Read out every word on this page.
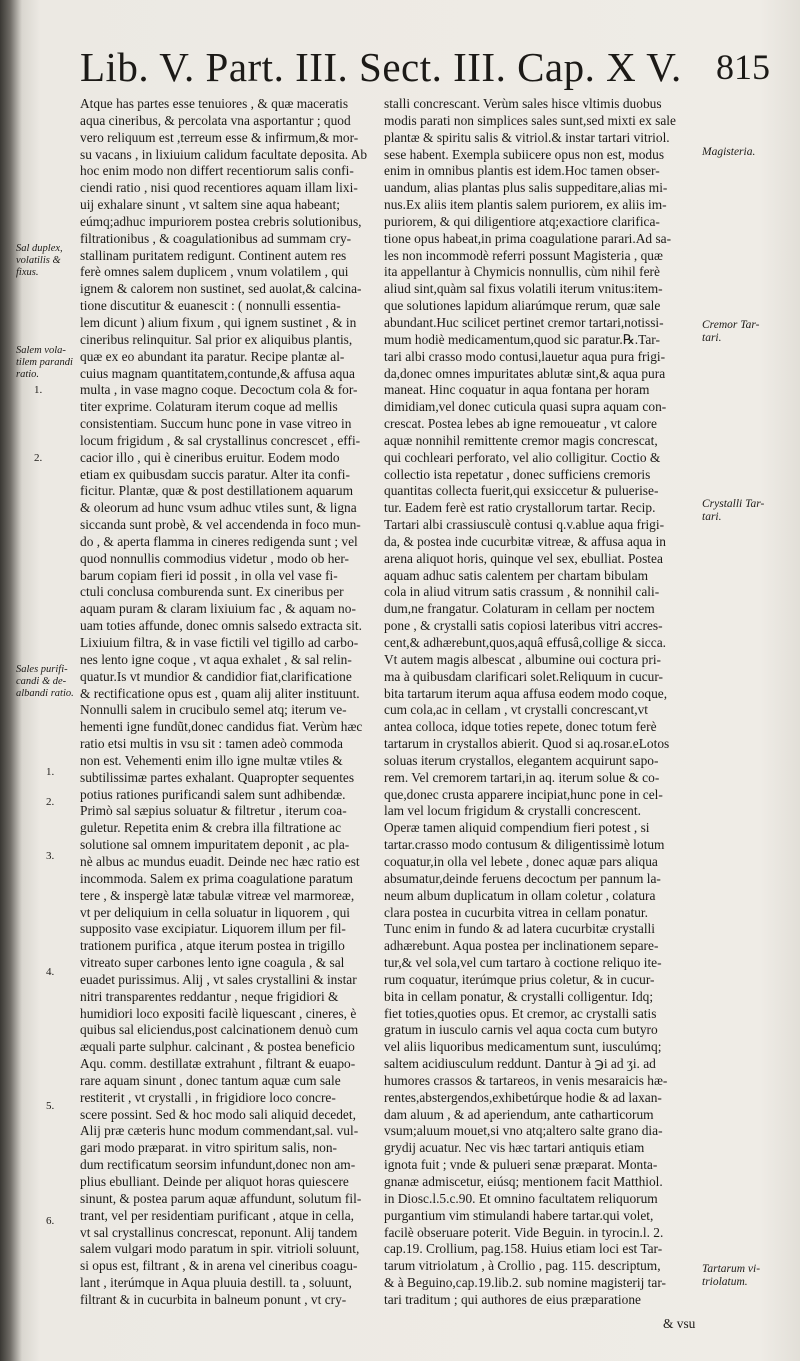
Lib. V. Part. III. Sect. III. Cap. X V. 815
Atque has partes esse tenuiores , & quæ maceratis
aqua cineribus, & percolata vna asportantur ; quod
vero reliquum est ,terreum esse & infirmum,& mor-
su vacans , in lixiuium calidum facultate deposita. Ab
hoc enim modo non differt recentiorum salis confi-
ciendi ratio , nisi quod recentiores aquam illam lixi-
uij exhalare sinunt , vt saltem sine aqua habeant;
eúmq;adhuc impuriorem postea crebris solutionibus,
filtrationibus , & coagulationibus ad summam cry-
stallinam puritatem redigunt. Continent autem res
ferè omnes salem duplicem , vnum volatilem , qui
ignem & calorem non sustinet, sed auolat,& calcina-
tione discutitur & euanescit : ( nonnulli essentia-
lem dicunt ) alium fixum , qui ignem sustinet , & in
cineribus relinquitur. Sal prior ex aliquibus plantis,
quæ ex eo abundant ita paratur. Recipe plantæ al-
cuius magnam quantitatem,contunde,& affusa aqua
multa , in vase magno coque. Decoctum cola & for-
titer exprime. Colaturam iterum coque ad mellis
consistentiam. Succum hunc pone in vase vitreo in
locum frigidum , & sal crystallinus concrescet , effi-
cacior illo , qui è cineribus eruitur. Eodem modo
etiam ex quibusdam succis paratur. Alter ita confi-
ficitur. Plantæ, quæ & post destillationem aquarum
& oleorum ad hunc vsum adhuc vtiles sunt, & ligna
siccanda sunt probè, & vel accendenda in foco mun-
do , & aperta flamma in cineres redigenda sunt ; vel
quod nonnullis commodius videtur , modo ob her-
barum copiam fieri id possit , in olla vel vase fi-
ctuli conclusa comburenda sunt. Ex cineribus per
aquam puram & claram lixiuium fac , & aquam no-
uam toties affunde, donec omnis salsedo extracta sit.
Lixiuium filtra, & in vase fictili vel tigillo ad carbo-
nes lento igne coque , vt aqua exhalet , & sal relin-
quatur.Is vt mundior & candidior fiat,clarificatione
& rectificatione opus est , quam alij aliter instituunt.
Nonnulli salem in crucibulo semel atq; iterum ve-
hementi igne fundũt,donec candidus fiat. Verùm hæc
ratio etsi multis in vsu sit : tamen adeò commoda
non est. Vehementi enim illo igne multæ vtiles &
subtilissimæ partes exhalant. Quapropter sequentes
potius rationes purificandi salem sunt adhibendæ.
Primò sal sæpius soluatur & filtretur , iterum coa-
guletur. Repetita enim & crebra illa filtratione ac
solutione sal omnem impuritatem deponit , ac pla-
nè albus ac mundus euadit. Deinde nec hæc ratio est
incommoda. Salem ex prima coagulatione paratum
tere , & inspergè latæ tabulæ vitreæ vel marmoreæ,
vt per deliquium in cella soluatur in liquorem , qui
supposito vase excipiatur. Liquorem illum per fil-
trationem purifica , atque iterum postea in trigillo
vitreato super carbones lento igne coagula , & sal
euadet purissimus. Alij , vt sales crystallini & instar
nitri transparentes reddantur , neque frigidiori &
humidiori loco expositi facilè liquescant , cineres, è
quibus sal eliciendus,post calcinationem denuò cum
æquali parte sulphur. calcinant , & postea beneficio
Aqu. comm. destillatæ extrahunt , filtrant & euapo-
rare aquam sinunt , donec tantum aquæ cum sale
restiterit , vt crystalli , in frigidiore loco concre-
scere possint. Sed & hoc modo sali aliquid decedet,
Alij præ cæteris hunc modum commendant,sal. vul-
gari modo præparat. in vitro spiritum salis, non-
dum rectificatum seorsim infundunt,donec non am-
plius ebulliant. Deinde per aliquot horas quiescere
sinunt, & postea parum aquæ affundunt, solutum fil-
trant, vel per residentiam purificant , atque in cella,
vt sal crystallinus concrescat, reponunt. Alij tandem
salem vulgari modo paratum in spir. vitrioli soluunt,
si opus est, filtrant , & in arena vel cineribus coagu-
lant , iterúmque in Aqua pluuia destill. ta , soluunt,
filtrant & in cucurbita in balneum ponunt , vt cry-
stalli concrescant. Verùm sales hisce vltimis duobus
modis parati non simplices sales sunt,sed mixti ex sale
plantæ & spiritu salis & vitriol.& instar tartari vitriol.
sese habent. Exempla subiicere opus non est, modus
enim in omnibus plantis est idem.Hoc tamen obser-
uandum, alias plantas plus salis suppeditare,alias mi-
nus.Ex aliis item plantis salem puriorem, ex aliis im-
puriorem, & qui diligentiore atq;exactiore clarifica-
tione opus habeat,in prima coagulatione parari.Ad sa-
les non incommodè referri possunt Magisteria , quæ
ita appellantur à Chymicis nonnullis, cùm nihil ferè
aliud sint,quàm sal fixus volatili iterum vnitus:item-
que solutiones lapidum aliarúmque rerum, quæ sale
abundant.Huc scilicet pertinet cremor tartari,notissi-
mum hodiè medicamentum,quod sic paratur.℞.Tar-
tari albi crasso modo contusi,lauetur aqua pura frigi-
da,donec omnes impuritates ablutæ sint,& aqua pura
maneat. Hinc coquatur in aqua fontana per horam
dimidiam,vel donec cuticula quasi supra aquam con-
crescat. Postea lebes ab igne remoueatur , vt calore
aquæ nonnihil remittente cremor magis concrescat,
qui cochleari perforato, vel alio colligitur. Coctio &
collectio ista repetatur , donec sufficiens cremoris
quantitas collecta fuerit,qui exsiccetur & puluerise-
tur. Eadem ferè est ratio crystallorum tartar. Recip.
Tartari albi crassiusculè contusi q.v.ablue aqua frigi-
da, & postea inde cucurbitæ vitreæ, & affusa aqua in
arena aliquot horis, quinque vel sex, ebulliat. Postea
aquam adhuc satis calentem per chartam bibulam
cola in aliud vitrum satis crassum , & nonnihil cali-
dum,ne frangatur. Colaturam in cellam per noctem
pone , & crystalli satis copiosi lateribus vitri accres-
cent,& adhærebunt,quos,aquâ effusâ,collige & sicca.
Vt autem magis albescat , albumine oui coctura pri-
ma à quibusdam clarificari solet.Reliquum in cucur-
bita tartarum iterum aqua affusa eodem modo coque,
cum cola,ac in cellam , vt crystalli concrescant,vt
antea colloca, idque toties repete, donec totum ferè
tartarum in crystallos abierit. Quod si aq.rosar.eLotos
soluas iterum crystallos, elegantem acquirunt sapo-
rem. Vel cremorem tartari,in aq. iterum solue & co-
que,donec crusta apparere incipiat,hunc pone in cel-
lam vel locum frigidum & crystalli concrescent.
Operæ tamen aliquid compendium fieri potest , si
tartar.crasso modo contusum & diligentissimè lotum
coquatur,in olla vel lebete , donec aquæ pars aliqua
absumatur,deinde feruens decoctum per pannum la-
neum album duplicatum in ollam coletur , colatura
clara postea in cucurbita vitrea in cellam ponatur.
Tunc enim in fundo & ad latera cucurbitæ crystalli
adhærebunt. Aqua postea per inclinationem separe-
tur,& vel sola,vel cum tartaro à coctione reliquo ite-
rum coquatur, iterúmque prius coletur, & in cucur-
bita in cellam ponatur, & crystalli colligentur. Idq;
fiet toties,quoties opus. Et cremor, ac crystalli satis
gratum in iusculo carnis vel aqua cocta cum butyro
vel aliis liquoribus medicamentum sunt, iusculúmq;
saltem acidiusculum reddunt. Dantur à ℈i ad ʒi. ad
humores crassos & tartareos, in venis mesaraicis hæ-
rentes,abstergendos,exhibetúrque hodie & ad laxan-
dam aluum , & ad aperiendum, ante catharticorum
vsum;aluum mouet,si vno atq;altero salte grano dia-
grydij acuatur. Nec vis hæc tartari antiquis etiam
ignota fuit ; vnde & pulueri senæ præparat. Monta-
gnanæ admiscetur, eiúsq; mentionem facit Matthiol.
in Diosc.l.5.c.90. Et omnino facultatem reliquorum
purgantium vim stimulandi habere tartar.qui volet,
facilè obseruare poterit. Vide Beguin. in tyrocin.l. 2.
cap.19. Crollium, pag.158. Huius etiam loci est Tar-
tarum vitriolatum , à Crollio , pag. 115. descriptum,
& à Beguino,cap.19.lib.2. sub nomine magisterij tar-
tari traditum ; qui authores de eius præparatione
Sal duplex,
volatilis &
fixus.
Salem vola-
tilem parandi
ratio.
1.
2.
Sales purifi-
candi & de-
albandi ratio.
1.
2.
3.
4.
5.
6.
Magisteria.
Cremor Tar-
tari.
Crystalli Tar-
tari.
Tartarum vi-
triolatum.
& vsu
